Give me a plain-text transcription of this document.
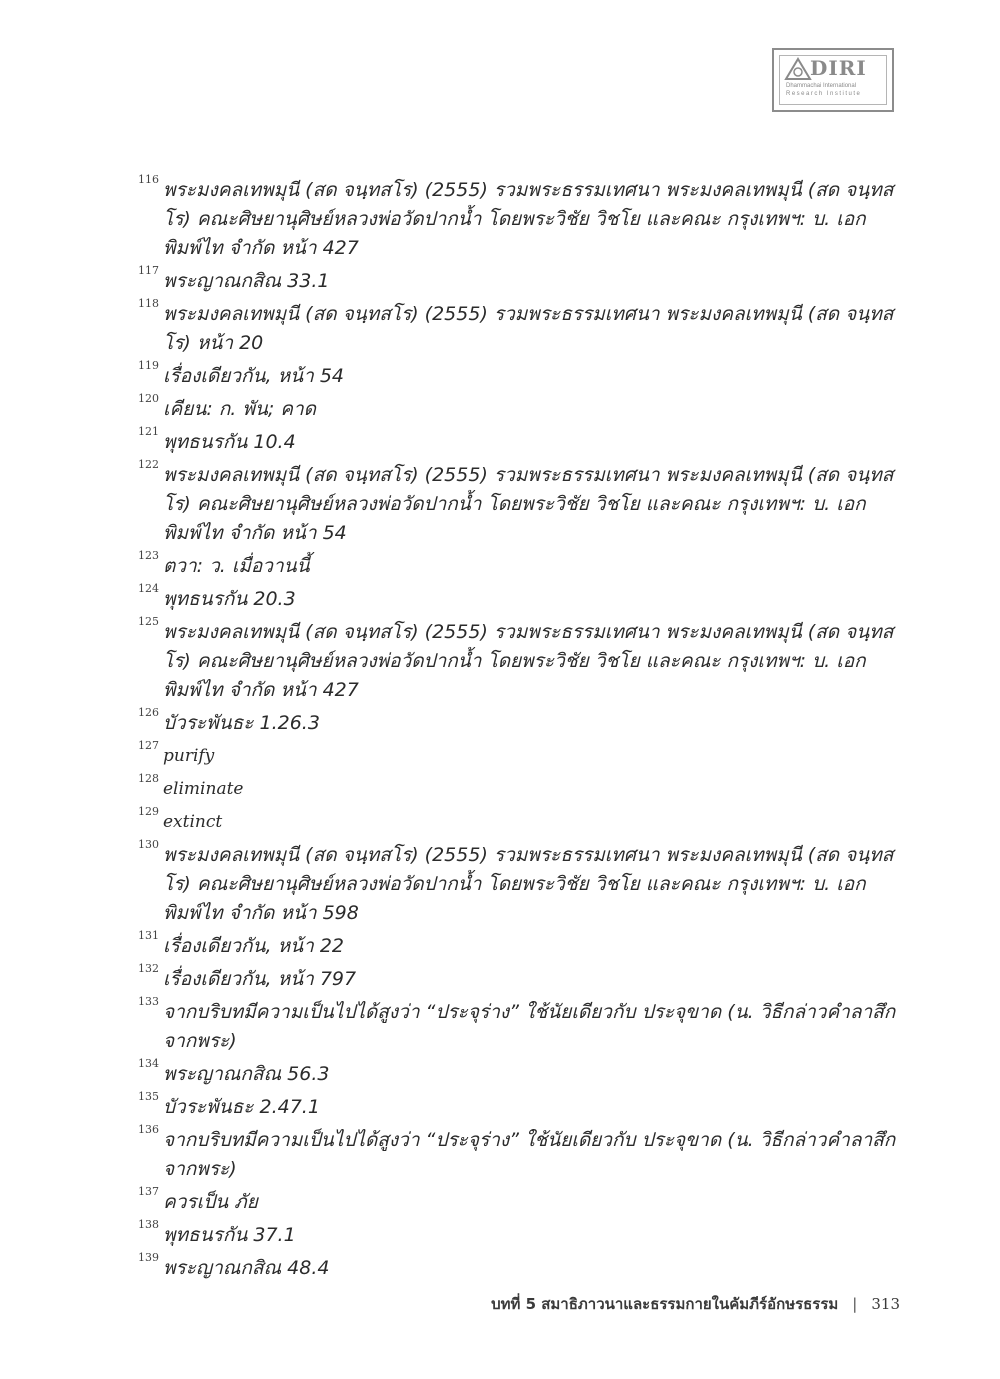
DIRI
Dhammachai International
Research Institute
116 พระมงคลเทพมุนี (สด จนฺทสโร) (2555) รวมพระธรรมเทศนา พระมงคลเทพมุนี (สด จนฺทสโร) คณะศิษยานุศิษย์หลวงพ่อวัดปากน้ำ โดยพระวิชัย วิชโย และคณะ กรุงเทพฯ: บ. เอกพิมพ์ไท จำกัด หน้า 427
117 พระญาณกสิณ 33.1
118 พระมงคลเทพมุนี (สด จนฺทสโร) (2555) รวมพระธรรมเทศนา พระมงคลเทพมุนี (สด จนฺทสโร) หน้า 20
119 เรื่องเดียวกัน, หน้า 54
120 เคียน: ก. พัน; คาด
121 พุทธนรกัน 10.4
122 พระมงคลเทพมุนี (สด จนฺทสโร) (2555) รวมพระธรรมเทศนา พระมงคลเทพมุนี (สด จนฺทสโร) คณะศิษยานุศิษย์หลวงพ่อวัดปากน้ำ โดยพระวิชัย วิชโย และคณะ กรุงเทพฯ: บ. เอกพิมพ์ไท จำกัด หน้า 54
123 ตวา: ว. เมื่อวานนี้
124 พุทธนรกัน 20.3
125 พระมงคลเทพมุนี (สด จนฺทสโร) (2555) รวมพระธรรมเทศนา พระมงคลเทพมุนี (สด จนฺทสโร) คณะศิษยานุศิษย์หลวงพ่อวัดปากน้ำ โดยพระวิชัย วิชโย และคณะ กรุงเทพฯ: บ. เอกพิมพ์ไท จำกัด หน้า 427
126 บัวระพันธะ 1.26.3
127
purify
128
eliminate
129
extinct
130 พระมงคลเทพมุนี (สด จนฺทสโร) (2555) รวมพระธรรมเทศนา พระมงคลเทพมุนี (สด จนฺทสโร) คณะศิษยานุศิษย์หลวงพ่อวัดปากน้ำ โดยพระวิชัย วิชโย และคณะ กรุงเทพฯ: บ. เอกพิมพ์ไท จำกัด หน้า 598
131 เรื่องเดียวกัน, หน้า 22
132 เรื่องเดียวกัน, หน้า 797
133 จากบริบทมีความเป็นไปได้สูงว่า “ประจุร่าง” ใช้นัยเดียวกับ ประจุขาด (น. วิธีกล่าวคำลาสึกจากพระ)
134 พระญาณกสิณ 56.3
135 บัวระพันธะ 2.47.1
136 จากบริบทมีความเป็นไปได้สูงว่า “ประจุร่าง” ใช้นัยเดียวกับ ประจุขาด (น. วิธีกล่าวคำลาสึกจากพระ)
137 ควรเป็น ภัย
138 พุทธนรกัน 37.1
139 พระญาณกสิณ 48.4
บทที่ 5 สมาธิภาวนาและธรรมกายในคัมภีร์อักษรธรรม | 313
